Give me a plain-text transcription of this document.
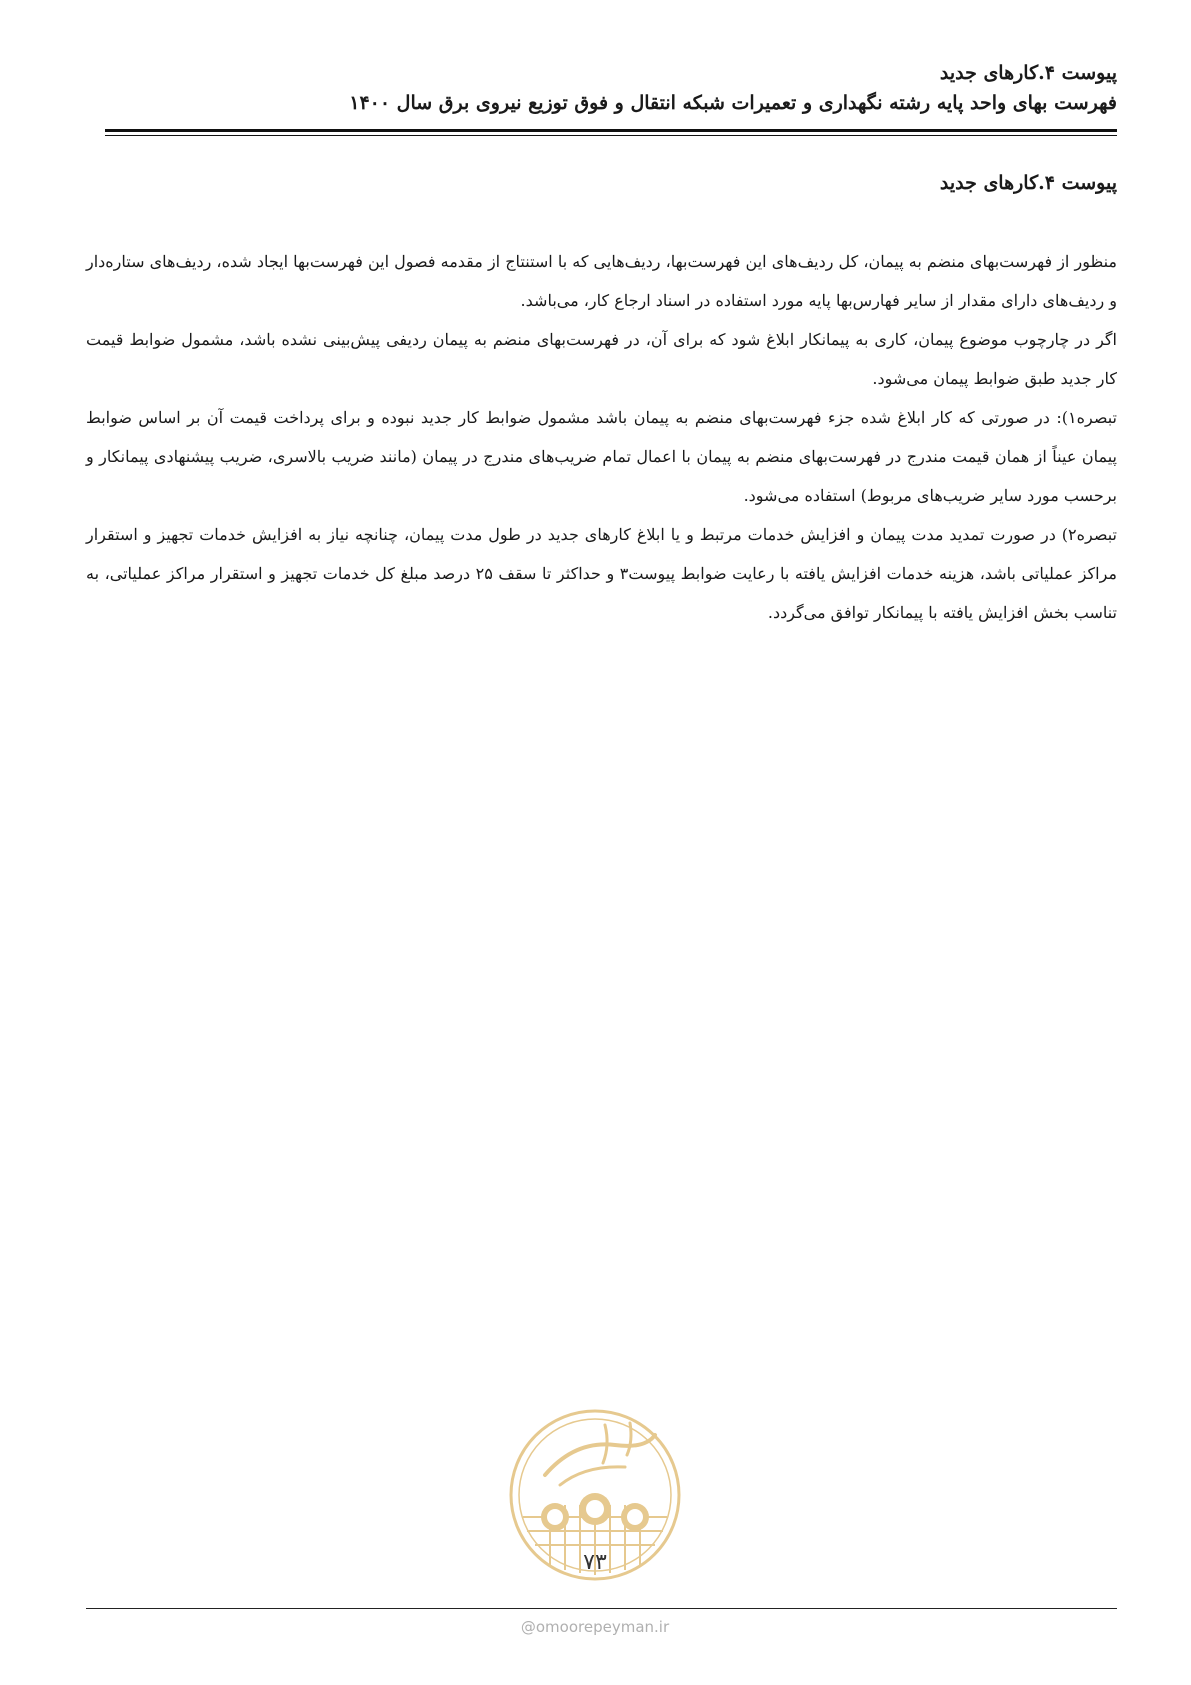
پیوست ۴.کارهای جدید
فهرست بهای واحد پایه رشته نگهداری و تعمیرات شبکه انتقال و فوق توزیع نیروی برق سال ۱۴۰۰
پیوست ۴.کارهای جدید

منظور از فهرست‌بهای منضم به پیمان، کل ردیف‌های این فهرست‌بها، ردیف‌هایی که با استنتاج از مقدمه فصول این فهرست‌بها ایجاد شده، ردیف‌های ستاره‌دار و ردیف‌های دارای مقدار از سایر فهارس‌بها پایه مورد استفاده در اسناد ارجاع کار، می‌باشد.

اگر در چارچوب موضوع پیمان، کاری به پیمانکار ابلاغ شود که برای آن، در فهرست‌بهای منضم به پیمان ردیفی پیش‌بینی نشده باشد، مشمول ضوابط قیمت کار جدید طبق ضوابط پیمان می‌شود.

تبصره۱): در صورتی که کار ابلاغ شده جزء فهرست‌بهای منضم به پیمان باشد مشمول ضوابط کار جدید نبوده و برای پرداخت قیمت آن بر اساس ضوابط پیمان عیناً از همان قیمت مندرج در فهرست‌بهای منضم به پیمان با اعمال تمام ضریب‌های مندرج در پیمان (مانند ضریب بالاسری، ضریب پیشنهادی پیمانکار و برحسب مورد سایر ضریب‌های مربوط) استفاده می‌شود.

تبصره۲) در صورت تمدید مدت پیمان و افزایش خدمات مرتبط و یا ابلاغ کارهای جدید در طول مدت پیمان، چنانچه نیاز به افزایش خدمات تجهیز و استقرار مراکز عملیاتی باشد، هزینه خدمات افزایش یافته با رعایت ضوابط پیوست۳ و حداکثر تا سقف ۲۵ درصد مبلغ کل خدمات تجهیز و استقرار مراکز عملیاتی، به تناسب بخش افزایش یافته با پیمانکار توافق می‌گردد.

۷۳
@omoorepeyman.ir
